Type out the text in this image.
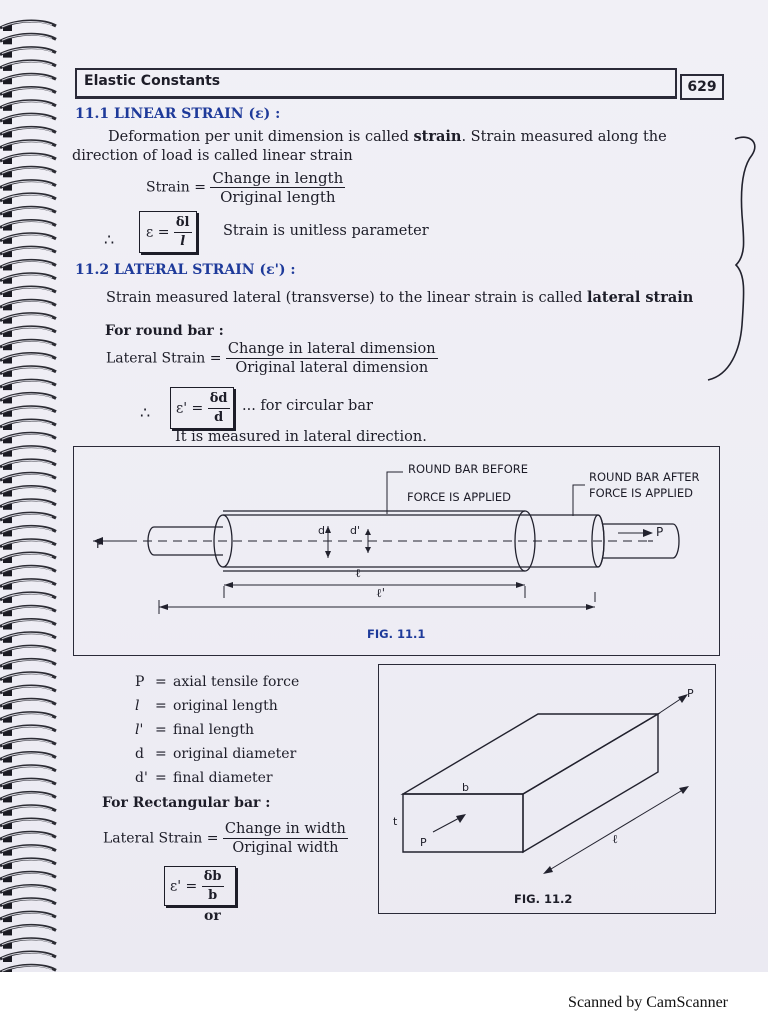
Elastic Constants	629
11.1 LINEAR STRAIN (ε) :
Deformation per unit dimension is called strain. Strain measured along the
direction of load is called linear strain
Strain = $\frac{\text{Change in length}}{\text{Original length}}$
∴ $\varepsilon = \frac{\delta l}{l}$ Strain is unitless parameter
11.2 LATERAL STRAIN (ε') :
Strain measured lateral (transverse) to the linear strain is called lateral strain
For round bar :
Lateral Strain = $\frac{\text{Change in lateral dimension}}{\text{Original lateral dimension}}$
∴ $\varepsilon' = \frac{\delta d}{d}$ ... for circular bar
It is measured in lateral direction.
ROUND BAR BEFORE
FORCE IS APPLIED
ROUND BAR AFTER
FORCE IS APPLIED
P
P
d d'
ℓ
ℓ'
FIG. 11.1
P = axial tensile force
l = original length
l' = final length
d = original diameter
d' = final diameter
For Rectangular bar :
Lateral Strain = $\frac{\text{Change in width}}{\text{Original width}}$
$\varepsilon' = \frac{\delta b}{b}$
or
P
b
t
P	ℓ
FIG. 11.2
Scanned by CamScanner
